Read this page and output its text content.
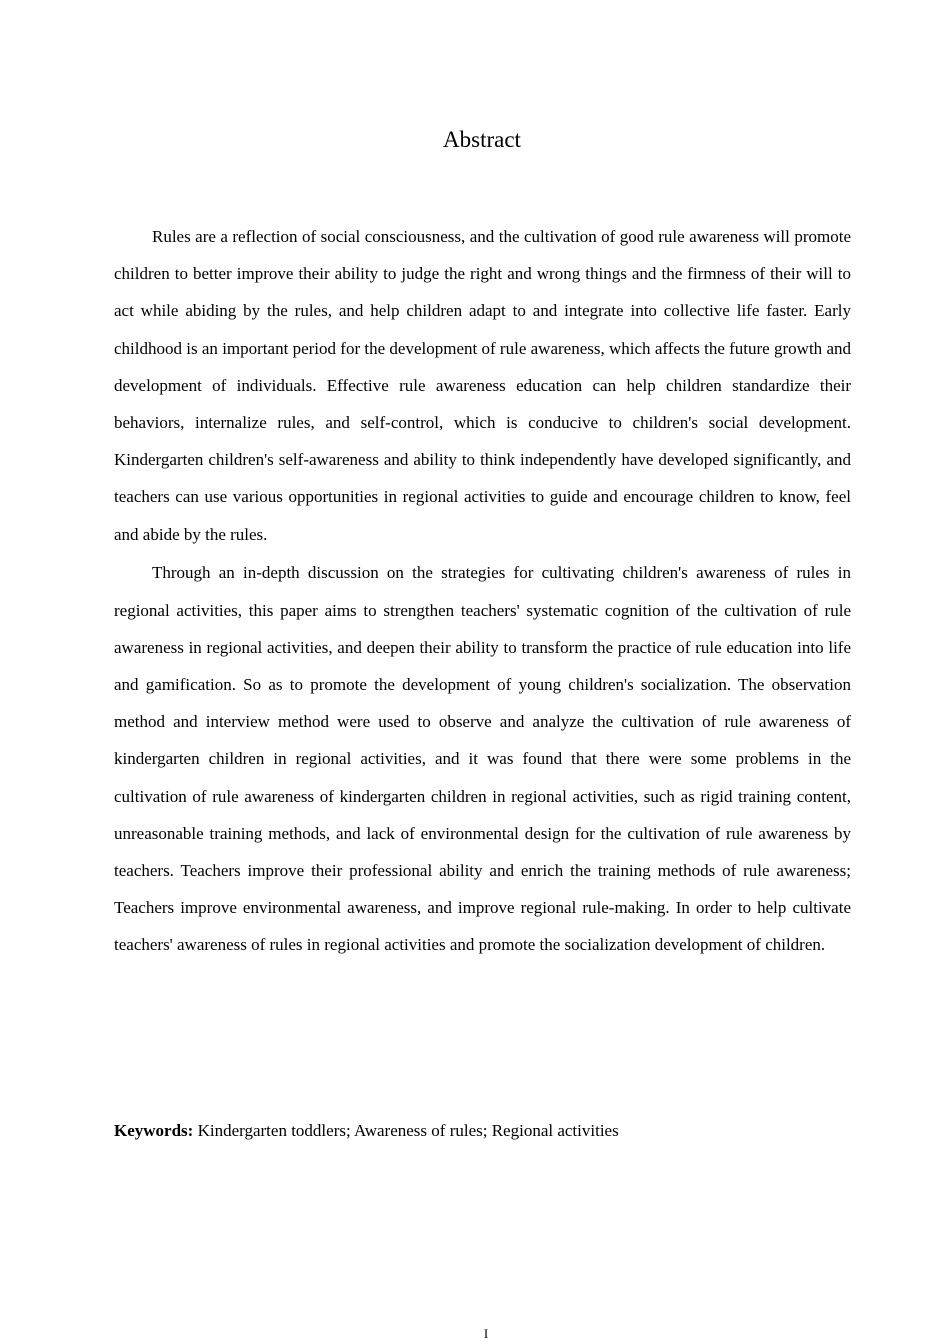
Abstract

Rules are a reflection of social consciousness, and the cultivation of good rule awareness will promote children to better improve their ability to judge the right and wrong things and the firmness of their will to act while abiding by the rules, and help children adapt to and integrate into collective life faster. Early childhood is an important period for the development of rule awareness, which affects the future growth and development of individuals. Effective rule awareness education can help children standardize their behaviors, internalize rules, and self-control, which is conducive to children's social development. Kindergarten children's self-awareness and ability to think independently have developed significantly, and teachers can use various opportunities in regional activities to guide and encourage children to know, feel and abide by the rules.

Through an in-depth discussion on the strategies for cultivating children's awareness of rules in regional activities, this paper aims to strengthen teachers' systematic cognition of the cultivation of rule awareness in regional activities, and deepen their ability to transform the practice of rule education into life and gamification. So as to promote the development of young children's socialization. The observation method and interview method were used to observe and analyze the cultivation of rule awareness of kindergarten children in regional activities, and it was found that there were some problems in the cultivation of rule awareness of kindergarten children in regional activities, such as rigid training content, unreasonable training methods, and lack of environmental design for the cultivation of rule awareness by teachers. Teachers improve their professional ability and enrich the training methods of rule awareness; Teachers improve environmental awareness, and improve regional rule-making. In order to help cultivate teachers' awareness of rules in regional activities and promote the socialization development of children.

Keywords: Kindergarten toddlers; Awareness of rules; Regional activities

I
